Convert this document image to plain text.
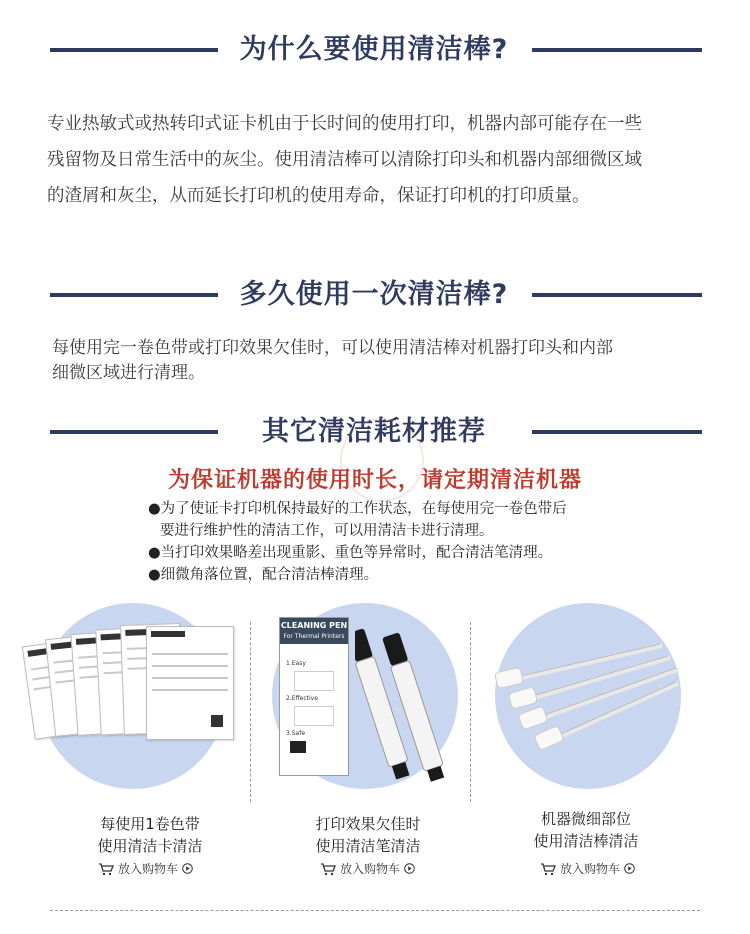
为什么要使用清洁棒?
专业热敏式或热转印式证卡机由于长时间的使用打印，机器内部可能存在一些
残留物及日常生活中的灰尘。使用清洁棒可以清除打印头和机器内部细微区域
的渣屑和灰尘，从而延长打印机的使用寿命，保证打印机的打印质量。
多久使用一次清洁棒?
每使用完一卷色带或打印效果欠佳时，可以使用清洁棒对机器打印头和内部
细微区域进行清理。
其它清洁耗材推荐
为保证机器的使用时长，请定期清洁机器
●为了使证卡打印机保持最好的工作状态，在每使用完一卷色带后
要进行维护性的清洁工作，可以用清洁卡进行清理。
●当打印效果略差出现重影、重色等异常时，配合清洁笔清理。
●细微角落位置，配合清洁棒清理。
CLEANING PEN
For Thermal Printers
1.Easy
2.Effective
3.Safe
每使用1卷色带
使用清洁卡清洁
打印效果欠佳时
使用清洁笔清洁
机器微细部位
使用清洁棒清洁
放入购物车	放入购物车	放入购物车
